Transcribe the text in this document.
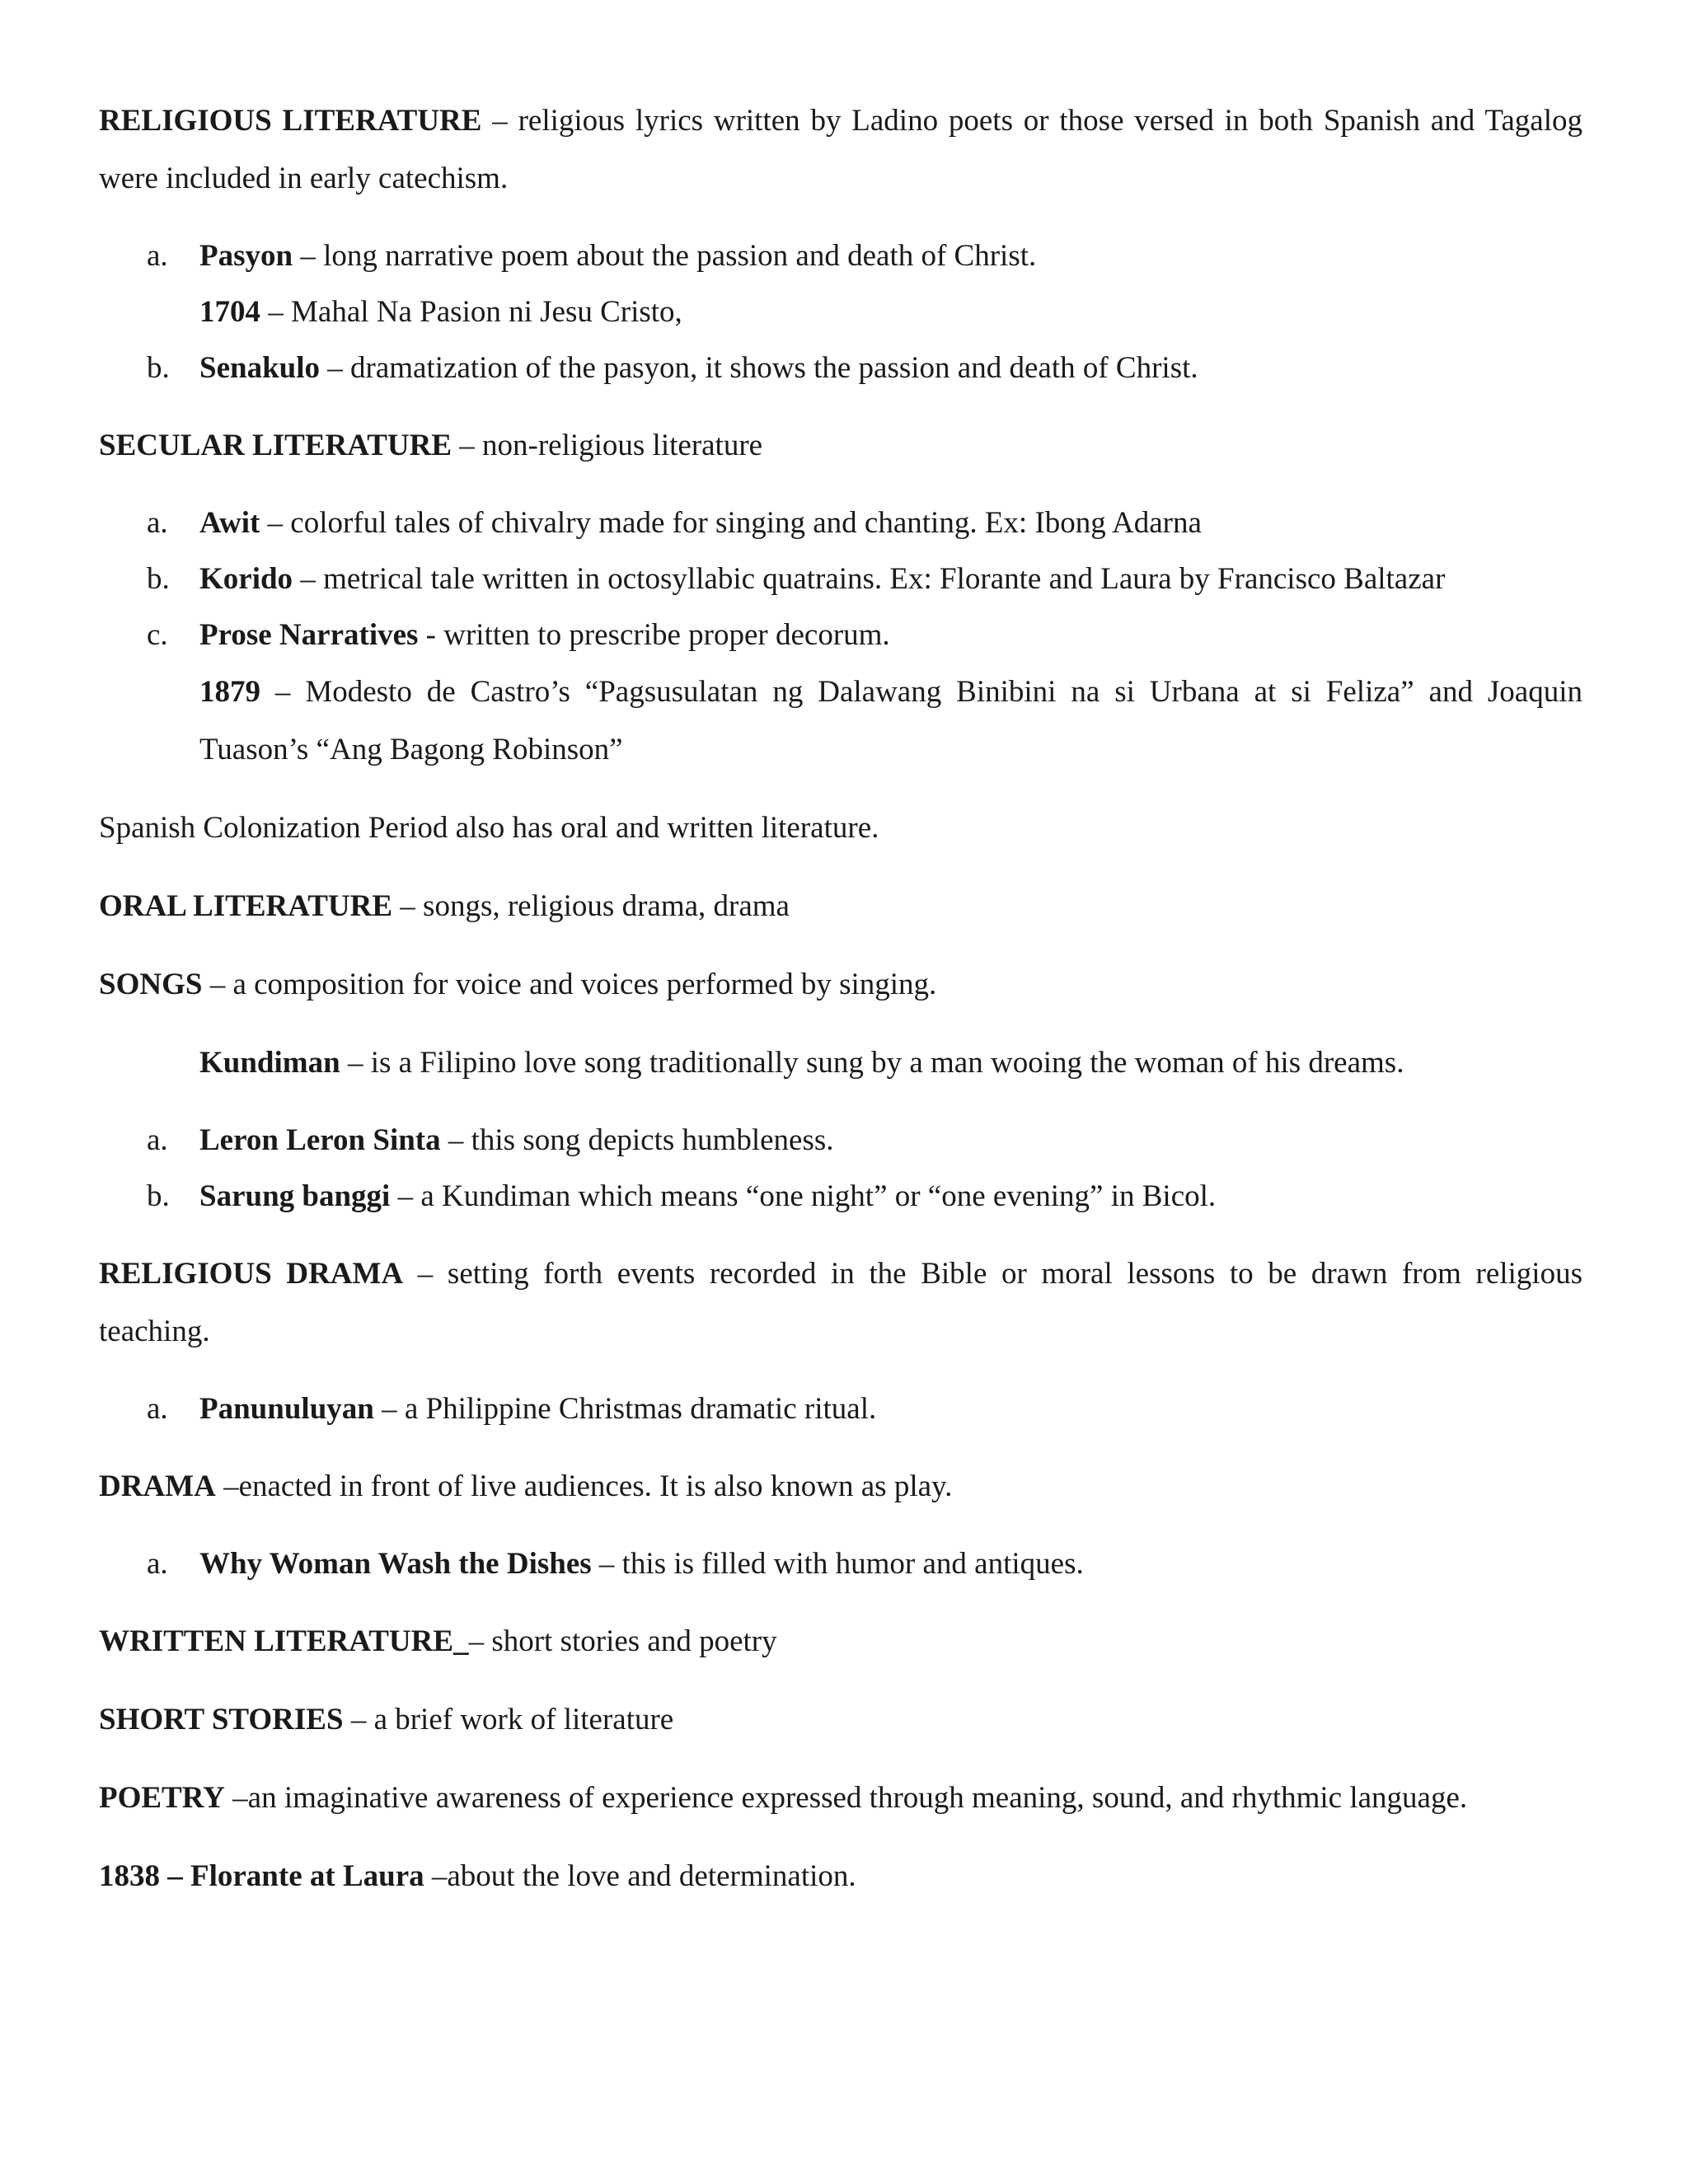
RELIGIOUS LITERATURE – religious lyrics written by Ladino poets or those versed in both Spanish and Tagalog were included in early catechism.

a. Pasyon – long narrative poem about the passion and death of Christ.
1704 – Mahal Na Pasion ni Jesu Cristo,
b. Senakulo – dramatization of the pasyon, it shows the passion and death of Christ.

SECULAR LITERATURE – non-religious literature

a. Awit – colorful tales of chivalry made for singing and chanting. Ex: Ibong Adarna
b. Korido – metrical tale written in octosyllabic quatrains. Ex: Florante and Laura by Francisco Baltazar
c. Prose Narratives - written to prescribe proper decorum.
1879 – Modesto de Castro’s “Pagsusulatan ng Dalawang Binibini na si Urbana at si Feliza” and Joaquin Tuason’s “Ang Bagong Robinson”

Spanish Colonization Period also has oral and written literature.

ORAL LITERATURE – songs, religious drama, drama

SONGS – a composition for voice and voices performed by singing.

Kundiman – is a Filipino love song traditionally sung by a man wooing the woman of his dreams.

a. Leron Leron Sinta – this song depicts humbleness.
b. Sarung banggi – a Kundiman which means “one night” or “one evening” in Bicol.

RELIGIOUS DRAMA – setting forth events recorded in the Bible or moral lessons to be drawn from religious teaching.

a. Panunuluyan – a Philippine Christmas dramatic ritual.

DRAMA –enacted in front of live audiences. It is also known as play.

a. Why Woman Wash the Dishes – this is filled with humor and antiques.

WRITTEN LITERATURE_– short stories and poetry

SHORT STORIES – a brief work of literature

POETRY –an imaginative awareness of experience expressed through meaning, sound, and rhythmic language.

1838 – Florante at Laura –about the love and determination.
